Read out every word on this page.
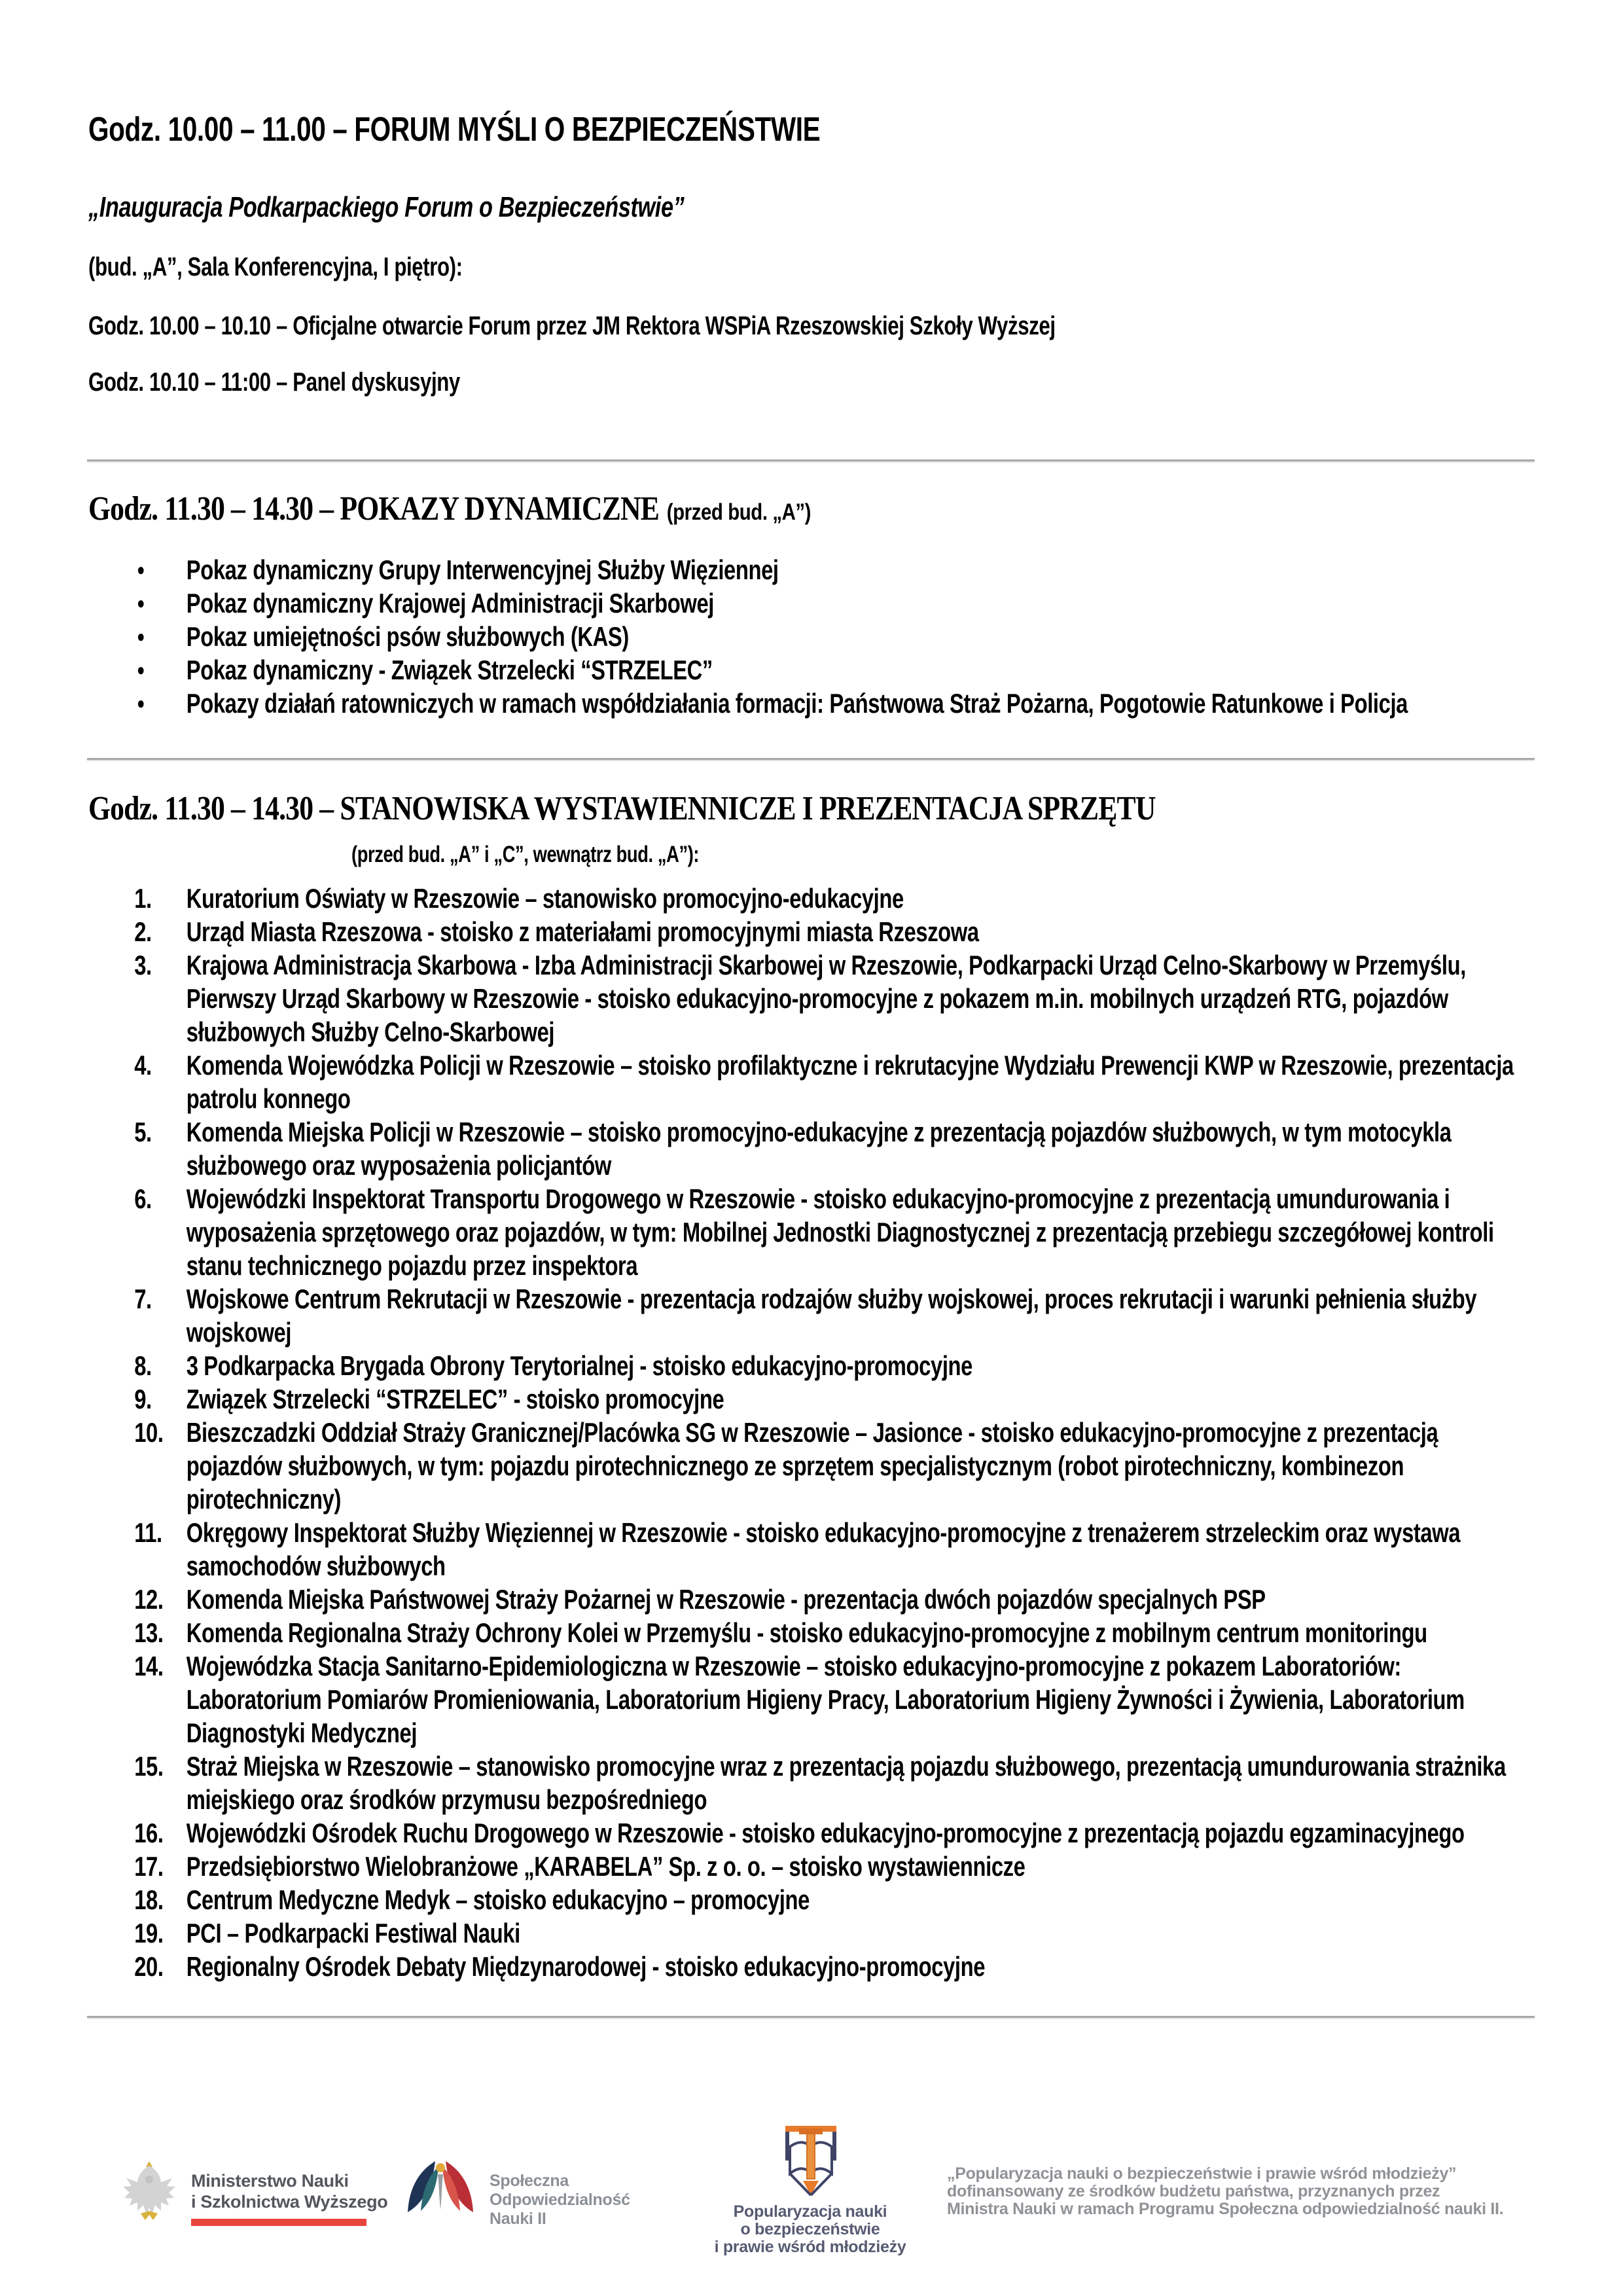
Godz. 10.00 – 11.00 – FORUM MYŚLI O BEZPIECZEŃSTWIE
„Inauguracja Podkarpackiego Forum o Bezpieczeństwie”
(bud. „A”, Sala Konferencyjna, I piętro):
Godz. 10.00 – 10.10 – Oficjalne otwarcie Forum przez JM Rektora WSPiA Rzeszowskiej Szkoły Wyższej
Godz. 10.10 – 11:00 – Panel dyskusyjny
Godz. 11.30 – 14.30 – POKAZY DYNAMICZNE (przed bud. „A”)
● Pokaz dynamiczny Grupy Interwencyjnej Służby Więziennej
● Pokaz dynamiczny Krajowej Administracji Skarbowej
● Pokaz umiejętności psów służbowych (KAS)
● Pokaz dynamiczny - Związek Strzelecki “STRZELEC”
● Pokazy działań ratowniczych w ramach współdziałania formacji: Państwowa Straż Pożarna, Pogotowie Ratunkowe i Policja
Godz. 11.30 – 14.30 – STANOWISKA WYSTAWIENNICZE I PREZENTACJA SPRZĘTU
(przed bud. „A” i „C”, wewnątrz bud. „A”):
1. Kuratorium Oświaty w Rzeszowie – stanowisko promocyjno-edukacyjne
2. Urząd Miasta Rzeszowa - stoisko z materiałami promocyjnymi miasta Rzeszowa
3. Krajowa Administracja Skarbowa - Izba Administracji Skarbowej w Rzeszowie, Podkarpacki Urząd Celno-Skarbowy w Przemyślu, Pierwszy Urząd Skarbowy w Rzeszowie - stoisko edukacyjno-promocyjne z pokazem m.in. mobilnych urządzeń RTG, pojazdów służbowych Służby Celno-Skarbowej
4. Komenda Wojewódzka Policji w Rzeszowie – stoisko profilaktyczne i rekrutacyjne Wydziału Prewencji KWP w Rzeszowie, prezentacja patrolu konnego
5. Komenda Miejska Policji w Rzeszowie – stoisko promocyjno-edukacyjne z prezentacją pojazdów służbowych, w tym motocykla służbowego oraz wyposażenia policjantów
6. Wojewódzki Inspektorat Transportu Drogowego w Rzeszowie - stoisko edukacyjno-promocyjne z prezentacją umundurowania i wyposażenia sprzętowego oraz pojazdów, w tym: Mobilnej Jednostki Diagnostycznej z prezentacją przebiegu szczegółowej kontroli stanu technicznego pojazdu przez inspektora
7. Wojskowe Centrum Rekrutacji w Rzeszowie - prezentacja rodzajów służby wojskowej, proces rekrutacji i warunki pełnienia służby wojskowej
8. 3 Podkarpacka Brygada Obrony Terytorialnej - stoisko edukacyjno-promocyjne
9. Związek Strzelecki “STRZELEC” - stoisko promocyjne
10. Bieszczadzki Oddział Straży Granicznej/Placówka SG w Rzeszowie – Jasionce - stoisko edukacyjno-promocyjne z prezentacją pojazdów służbowych, w tym: pojazdu pirotechnicznego ze sprzętem specjalistycznym (robot pirotechniczny, kombinezon pirotechniczny)
11. Okręgowy Inspektorat Służby Więziennej w Rzeszowie - stoisko edukacyjno-promocyjne z trenażerem strzeleckim oraz wystawa samochodów służbowych
12. Komenda Miejska Państwowej Straży Pożarnej w Rzeszowie - prezentacja dwóch pojazdów specjalnych PSP
13. Komenda Regionalna Straży Ochrony Kolei w Przemyślu - stoisko edukacyjno-promocyjne z mobilnym centrum monitoringu
14. Wojewódzka Stacja Sanitarno-Epidemiologiczna w Rzeszowie – stoisko edukacyjno-promocyjne z pokazem Laboratoriów: Laboratorium Pomiarów Promieniowania, Laboratorium Higieny Pracy, Laboratorium Higieny Żywności i Żywienia, Laboratorium Diagnostyki Medycznej
15. Straż Miejska w Rzeszowie – stanowisko promocyjne wraz z prezentacją pojazdu służbowego, prezentacją umundurowania strażnika miejskiego oraz środków przymusu bezpośredniego
16. Wojewódzki Ośrodek Ruchu Drogowego w Rzeszowie - stoisko edukacyjno-promocyjne z prezentacją pojazdu egzaminacyjnego
17. Przedsiębiorstwo Wielobranżowe „KARABELA” Sp. z o. o. – stoisko wystawiennicze
18. Centrum Medyczne Medyk – stoisko edukacyjno – promocyjne
19. PCI – Podkarpacki Festiwal Nauki
20. Regionalny Ośrodek Debaty Międzynarodowej - stoisko edukacyjno-promocyjne
Ministerstwo Nauki
i Szkolnictwa Wyższego
Społeczna
Odpowiedzialność
Nauki II	Popularyzacja nauki
o bezpieczeństwie
i prawie wśród młodzieży
„Popularyzacja nauki o bezpieczeństwie i prawie wśród młodzieży”
dofinansowany ze środków budżetu państwa, przyznanych przez
Ministra Nauki w ramach Programu Społeczna odpowiedzialność nauki II.
